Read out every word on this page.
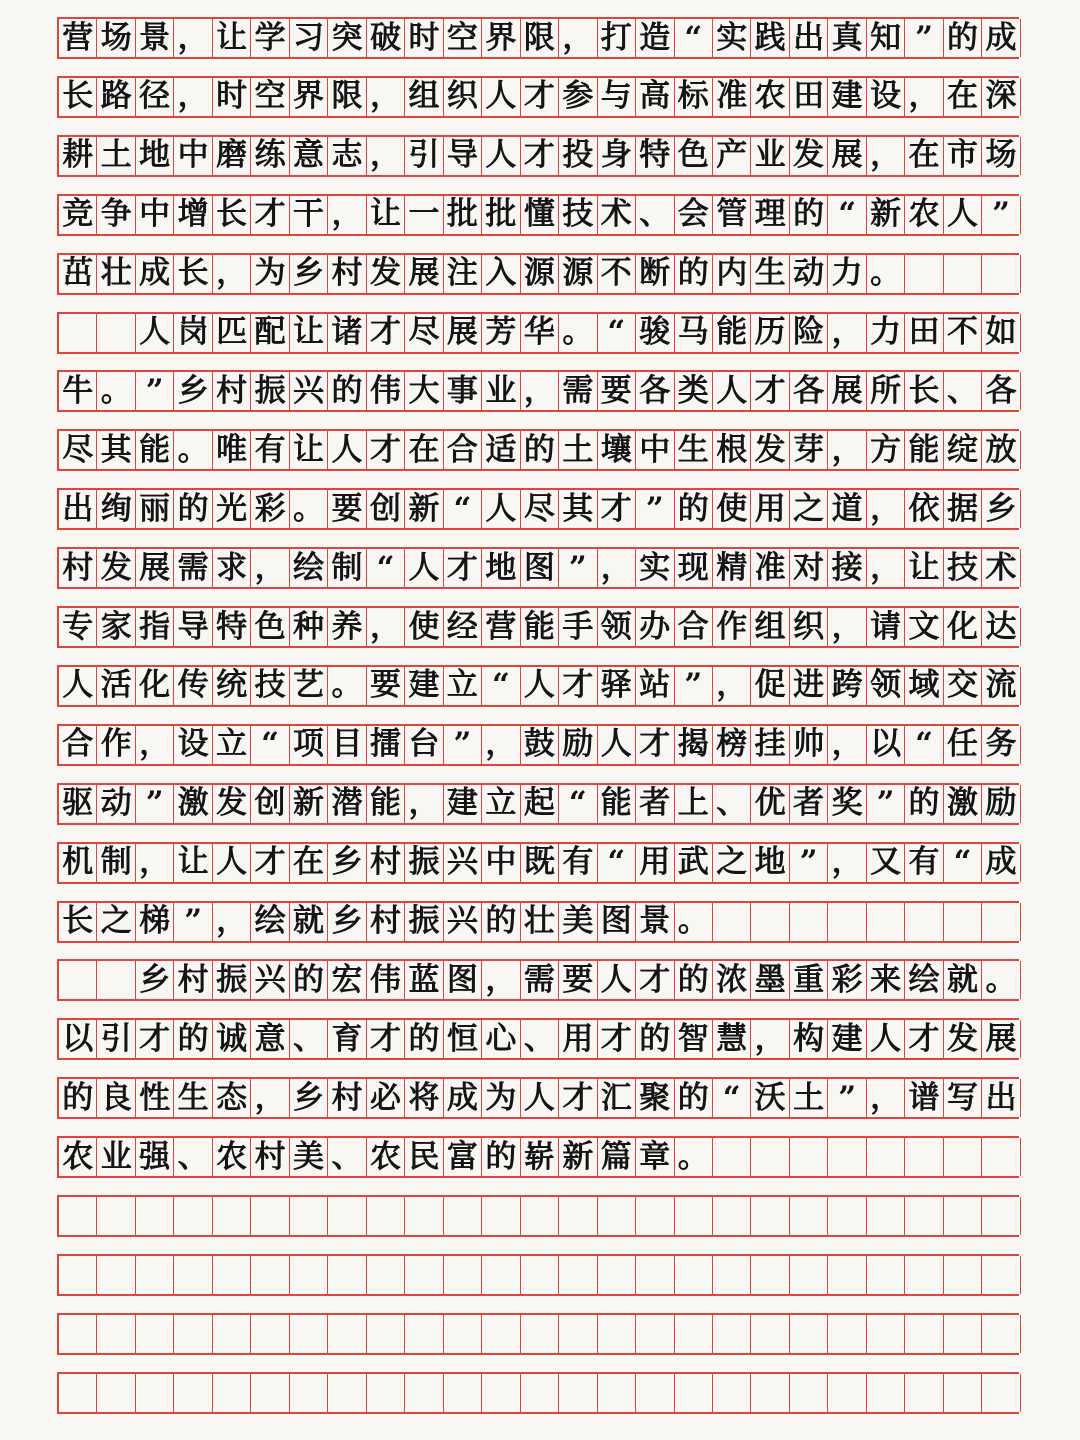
营 场 景 ， 让 学 习 突 破 时 空 界 限 ， 打 造 “ 实 践 出 真 知 ” 的 成
长 路 径 ， 时 空 界 限 ， 组 织 人 才 参 与 高 标 准 农 田 建 设 ， 在 深
耕 土 地 中 磨 练 意 志 ， 引 导 人 才 投 身 特 色 产 业 发 展 ， 在 市 场
竞 争 中 增 长 才 干 ， 让 一 批 批 懂 技 术 、 会 管 理 的 “ 新 农 人 ”
茁 壮 成 长 ， 为 乡 村 发 展 注 入 源 源 不 断 的 内 生 动 力 。
人 岗 匹 配 让 诸 才 尽 展 芳 华 。 “ 骏 马 能 历 险 ， 力 田 不 如
牛 。 ” 乡 村 振 兴 的 伟 大 事 业 ， 需 要 各 类 人 才 各 展 所 长 、 各
尽 其 能 。 唯 有 让 人 才 在 合 适 的 土 壤 中 生 根 发 芽 ， 方 能 绽 放
出 绚 丽 的 光 彩 。 要 创 新 “ 人 尽 其 才 ” 的 使 用 之 道 ， 依 据 乡
村 发 展 需 求 ， 绘 制 “ 人 才 地 图 ” ， 实 现 精 准 对 接 ， 让 技 术
专 家 指 导 特 色 种 养 ， 使 经 营 能 手 领 办 合 作 组 织 ， 请 文 化 达
人 活 化 传 统 技 艺 。 要 建 立 “ 人 才 驿 站 ” ， 促 进 跨 领 域 交 流
合 作 ， 设 立 “ 项 目 擂 台 ” ， 鼓 励 人 才 揭 榜 挂 帅 ， 以 “ 任 务
驱 动 ” 激 发 创 新 潜 能 ， 建 立 起 “ 能 者 上 、 优 者 奖 ” 的 激 励
机 制 ， 让 人 才 在 乡 村 振 兴 中 既 有 “ 用 武 之 地 ” ， 又 有 “ 成
长 之 梯 ” ， 绘 就 乡 村 振 兴 的 壮 美 图 景 。
乡 村 振 兴 的 宏 伟 蓝 图 ， 需 要 人 才 的 浓 墨 重 彩 来 绘 就 。
以 引 才 的 诚 意 、 育 才 的 恒 心 、 用 才 的 智 慧 ， 构 建 人 才 发 展
的 良 性 生 态 ， 乡 村 必 将 成 为 人 才 汇 聚 的 “ 沃 土 ” ， 谱 写 出
农 业 强 、 农 村 美 、 农 民 富 的 崭 新 篇 章 。
